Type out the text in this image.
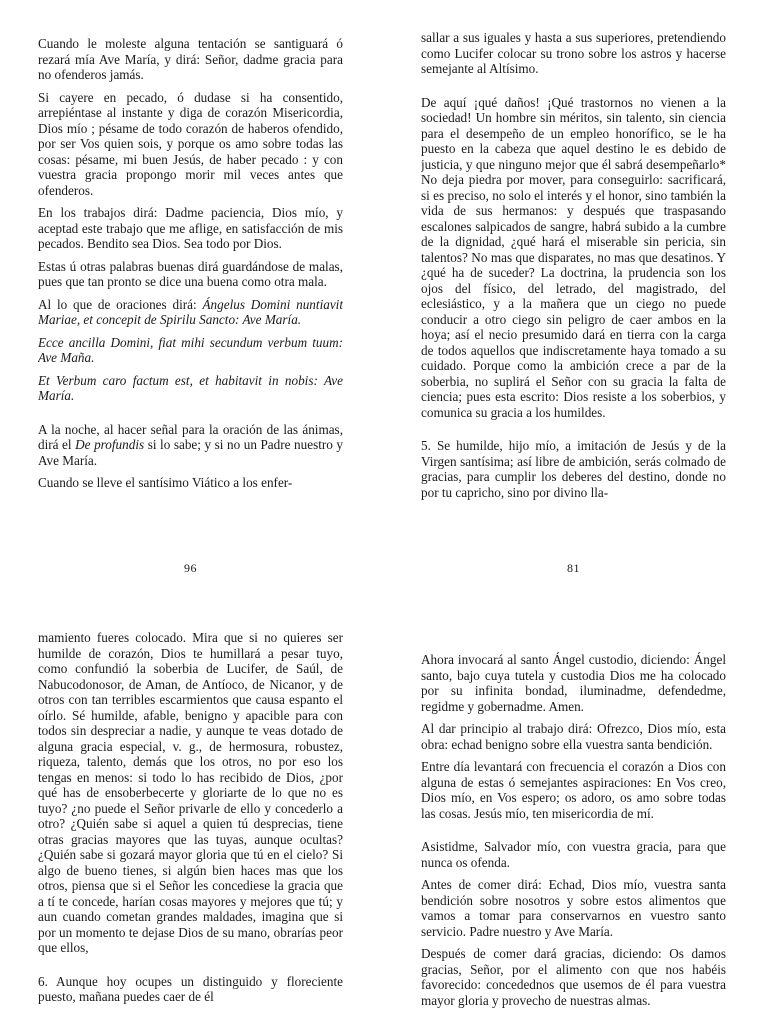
Cuando le moleste alguna tentación se santiguará ó rezará mía Ave María, y dirá: Señor, dadme gracia para no ofenderos jamás.

Si cayere en pecado, ó dudase si ha consentido, arrepiéntase al instante y diga de corazón Misericordia, Dios mío ; pésame de todo corazón de haberos ofendido, por ser Vos quien sois, y porque os amo sobre todas las cosas: pésame, mi buen Jesús, de haber pecado : y con vuestra gracia propongo morir mil veces antes que ofenderos.

En los trabajos dirá: Dadme paciencia, Dios mío, y aceptad este trabajo que me aflige, en satisfacción de mis pecados. Bendito sea Dios. Sea todo por Dios.

Estas ú otras palabras buenas dirá guardándose de malas, pues que tan pronto se dice una buena como otra mala.

Al lo que de oraciones dirá: Ángelus Domini nuntiavit Mariae, et concepit de Spirilu Sancto: Ave María.

Ecce ancilla Domini, fiat mihi secundum verbum tuum: Ave Maña.

Et Verbum caro factum est, et habitavit in nobis: Ave María.

A la noche, al hacer señal para la oración de las ánimas, dirá el De profundis si lo sabe; y si no un Padre nuestro y Ave María.

Cuando se lleve el santísimo Viático a los enfer-

96

sallar a sus iguales y hasta a sus superiores, pretendiendo como Lucifer colocar su trono sobre los astros y hacerse semejante al Altísimo.

De aquí ¡qué daños! ¡Qué trastornos no vienen a la sociedad! Un hombre sin méritos, sin talento, sin ciencia para el desempeño de un empleo honorífico, se le ha puesto en la cabeza que aquel destino le es debido de justicia, y que ninguno mejor que él sabrá desempeñarlo* No deja piedra por mover, para conseguirlo: sacrificará, si es preciso, no solo el interés y el honor, sino también la vida de sus hermanos: y después que traspasando escalones salpicados de sangre, habrá subido a la cumbre de la dignidad, ¿qué hará el miserable sin pericia, sin talentos? No mas que disparates, no mas que desatinos. Y ¿qué ha de suceder? La doctrina, la prudencia son los ojos del físico, del letrado, del magistrado, del eclesiástico, y a la mañera que un ciego no puede conducir a otro ciego sin peligro de caer ambos en la hoya; así el necio presumido dará en tierra con la carga de todos aquellos que indiscretamente haya tomado a su cuidado. Porque como la ambición crece a par de la soberbia, no suplirá el Señor con su gracia la falta de ciencia; pues esta escrito: Dios resiste a los soberbios, y comunica su gracia a los humildes.

5. Se humilde, hijo mío, a imitación de Jesús y de la Virgen santísima; así libre de ambición, serás colmado de gracias, para cumplir los deberes del destino, donde no por tu capricho, sino por divino lla-

81

mamiento fueres colocado. Mira que si no quieres ser humilde de corazón, Dios te humillará a pesar tuyo, como confundió la soberbia de Lucifer, de Saúl, de Nabucodonosor, de Aman, de Antíoco, de Nicanor, y de otros con tan terribles escarmientos que causa espanto el oírlo. Sé humilde, afable, benigno y apacible para con todos sin despreciar a nadie, y aunque te veas dotado de alguna gracia especial, v. g., de hermosura, robustez, riqueza, talento, demás que los otros, no por eso los tengas en menos: si todo lo has recibido de Dios, ¿por qué has de ensoberbecerte y gloriarte de lo que no es tuyo? ¿no puede el Señor privarle de ello y concederlo a otro? ¿Quién sabe si aquel a quien tú desprecias, tiene otras gracias mayores que las tuyas, aunque ocultas? ¿Quién sabe si gozará mayor gloria que tú en el cielo? Si algo de bueno tienes, si algún bien haces mas que los otros, piensa que si el Señor les concediese la gracia que a tí te concede, harían cosas mayores y mejores que tú; y aun cuando cometan grandes maldades, imagina que si por un momento te dejase Dios de su mano, obrarías peor que ellos,

6. Aunque hoy ocupes un distinguido y floreciente puesto, mañana puedes caer de él

Ahora invocará al santo Ángel custodio, diciendo: Ángel santo, bajo cuya tutela y custodia Dios me ha colocado por su infinita bondad, iluminadme, defendedme, regidme y gobernadme. Amen.

Al dar principio al trabajo dirá: Ofrezco, Dios mío, esta obra: echad benigno sobre ella vuestra santa bendición.

Entre día levantará con frecuencia el corazón a Dios con alguna de estas ó semejantes aspiraciones: En Vos creo, Dios mío, en Vos espero; os adoro, os amo sobre todas las cosas. Jesús mío, ten misericordia de mí.

Asistidme, Salvador mío, con vuestra gracia, para que nunca os ofenda.

Antes de comer dirá: Echad, Dios mío, vuestra santa bendición sobre nosotros y sobre estos alimentos que vamos a tomar para conservarnos en vuestro santo servicio. Padre nuestro y Ave María.

Después de comer dará gracias, diciendo: Os damos gracias, Señor, por el alimento con que nos habéis favorecido: concedednos que usemos de él para vuestra mayor gloria y provecho de nuestras almas.
